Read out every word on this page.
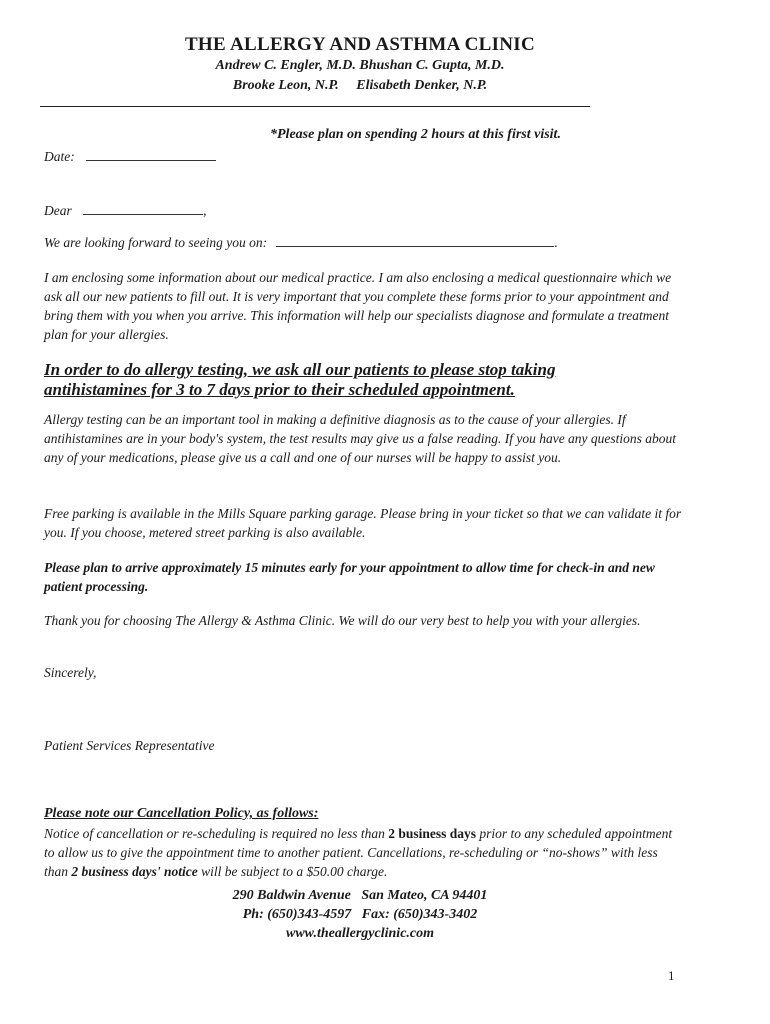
THE ALLERGY AND ASTHMA CLINIC
Andrew C. Engler, M.D. Bhushan C. Gupta, M.D.
Brooke Leon, N.P.     Elisabeth Denker, N.P.
*Please plan on spending 2 hours at this first visit.
Date:
Dear	,
We are looking forward to seeing you on:	.
I am enclosing some information about our medical practice. I am also enclosing a medical questionnaire which we ask all our new patients to fill out. It is very important that you complete these forms prior to your appointment and bring them with you when you arrive. This information will help our specialists diagnose and formulate a treatment plan for your allergies.
In order to do allergy testing, we ask all our patients to please stop taking antihistamines for 3 to 7 days prior to their scheduled appointment.
Allergy testing can be an important tool in making a definitive diagnosis as to the cause of your allergies. If antihistamines are in your body's system, the test results may give us a false reading. If you have any questions about any of your medications, please give us a call and one of our nurses will be happy to assist you.
Free parking is available in the Mills Square parking garage. Please bring in your ticket so that we can validate it for you. If you choose, metered street parking is also available.
Please plan to arrive approximately 15 minutes early for your appointment to allow time for check-in and new patient processing.
Thank you for choosing The Allergy & Asthma Clinic. We will do our very best to help you with your allergies.
Sincerely,
Patient Services Representative
Please note our Cancellation Policy, as follows:
Notice of cancellation or re-scheduling is required no less than 2 business days prior to any scheduled appointment to allow us to give the appointment time to another patient. Cancellations, re-scheduling or “no-shows” with less than 2 business days' notice will be subject to a $50.00 charge.
290 Baldwin Avenue   San Mateo, CA 94401
Ph: (650)343-4597   Fax: (650)343-3402
www.theallergyclinic.com
1
